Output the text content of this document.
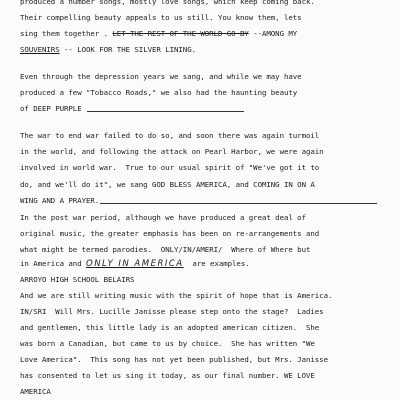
produced a number songs, mostly love songs, which keep coming back.
Their compelling beauty appeals to us still. You know them, lets
sing them together . LET THE REST OF THE WORLD GO BY --AMONG MY
SOUVENIRS -- LOOK FOR THE SILVER LINING.
Even through the depression years we sang, and while we may have
produced a few "Tobacco Roads," we also had the haunting beauty
of DEEP PURPLE
The war to end war failed to do so, and soon there was again turmoil
in the world, and following the attack on Pearl Harbor, we were again
involved in world war.  True to our usual spirit of "We've got it to
do, and we'll do it", we sang GOD BLESS AMERICA, and COMING IN ON A
WING AND A PRAYER.
In the post war period, although we have produced a great deal of
original music, the greater emphasis has been on re-arrangements and
what might be termed parodies.  ONLY/IN/AMERI/  Where of Where but
in America and ONLY IN AMERICA  are examples.
ARROYO HIGH SCHOOL BELAIRS
And we are still writing music with the spirit of hope that is America.
IN/SRI  Will Mrs. Lucille Janisse please step onto the stage?  Ladies
and gentlemen, this little lady is an adopted american citizen.  She
was born a Canadian, but came to us by choice.  She has written "We
Love America".  This song has not yet been published, but Mrs. Janisse
has consented to let us sing it today, as our final number. WE LOVE
AMERICA
